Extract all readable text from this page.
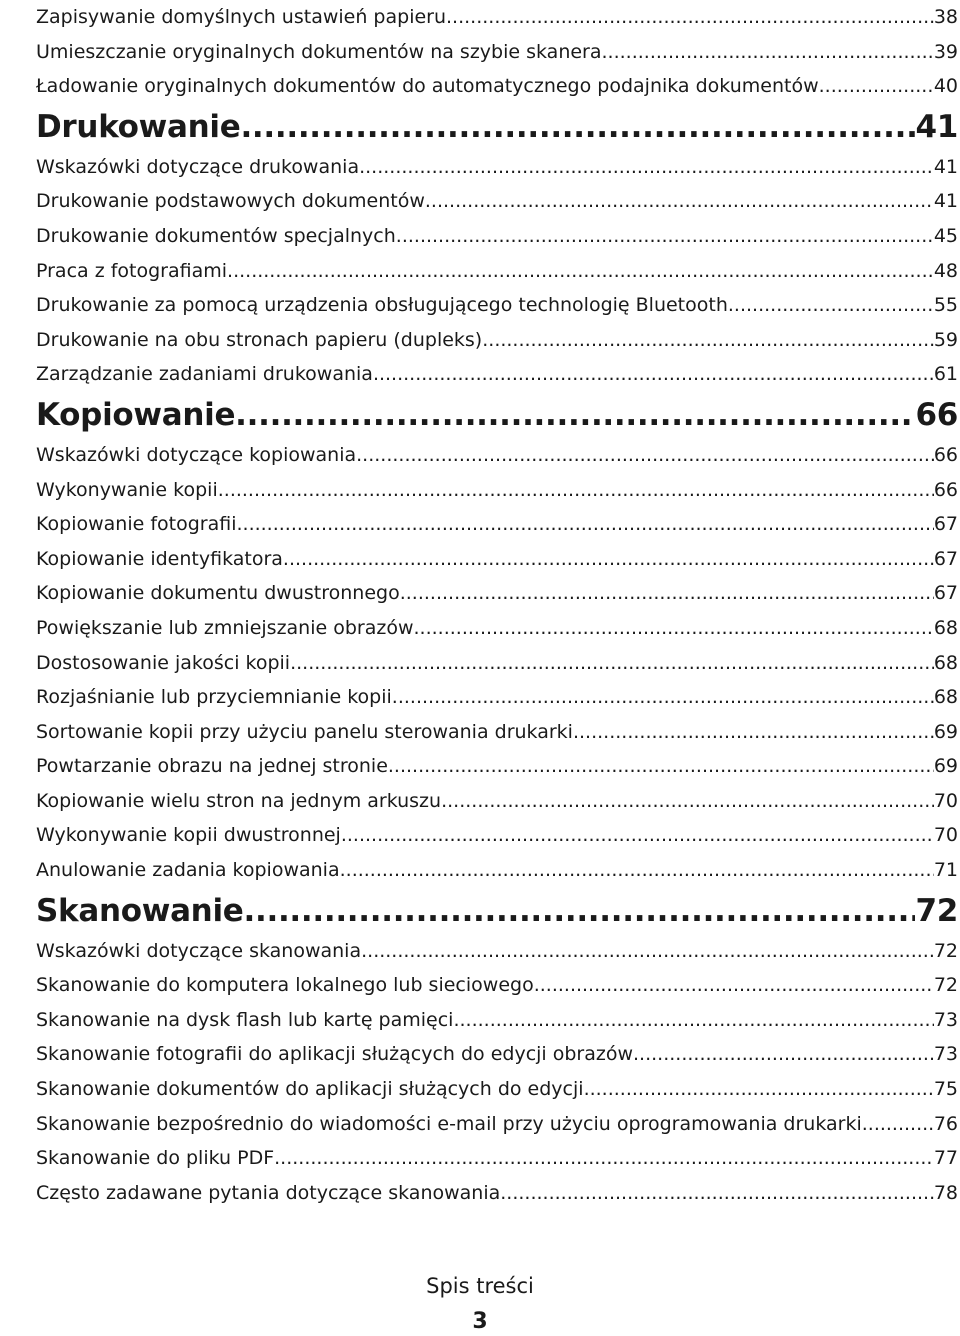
Zapisywanie domyślnych ustawień papieru .....	38
Umieszczanie oryginalnych dokumentów na szybie skanera .....	39
Ładowanie oryginalnych dokumentów do automatycznego podajnika dokumentów .....	40
Drukowanie .....	41
Wskazówki dotyczące drukowania .....	41
Drukowanie podstawowych dokumentów .....	41
Drukowanie dokumentów specjalnych .....	45
Praca z fotografiami .....	48
Drukowanie za pomocą urządzenia obsługującego technologię Bluetooth .....	55
Drukowanie na obu stronach papieru (dupleks) .....	59
Zarządzanie zadaniami drukowania .....	61
Kopiowanie .....	66
Wskazówki dotyczące kopiowania .....	66
Wykonywanie kopii .....	66
Kopiowanie fotografii .....	67
Kopiowanie identyfikatora .....	67
Kopiowanie dokumentu dwustronnego .....	67
Powiększanie lub zmniejszanie obrazów .....	68
Dostosowanie jakości kopii .....	68
Rozjaśnianie lub przyciemnianie kopii .....	68
Sortowanie kopii przy użyciu panelu sterowania drukarki .....	69
Powtarzanie obrazu na jednej stronie .....	69
Kopiowanie wielu stron na jednym arkuszu .....	70
Wykonywanie kopii dwustronnej .....	70
Anulowanie zadania kopiowania .....	71
Skanowanie .....	72
Wskazówki dotyczące skanowania .....	72
Skanowanie do komputera lokalnego lub sieciowego .....	72
Skanowanie na dysk flash lub kartę pamięci .....	73
Skanowanie fotografii do aplikacji służących do edycji obrazów .....	73
Skanowanie dokumentów do aplikacji służących do edycji .....	75
Skanowanie bezpośrednio do wiadomości e-mail przy użyciu oprogramowania drukarki .....	76
Skanowanie do pliku PDF .....	77
Często zadawane pytania dotyczące skanowania .....	78
Spis treści
3
